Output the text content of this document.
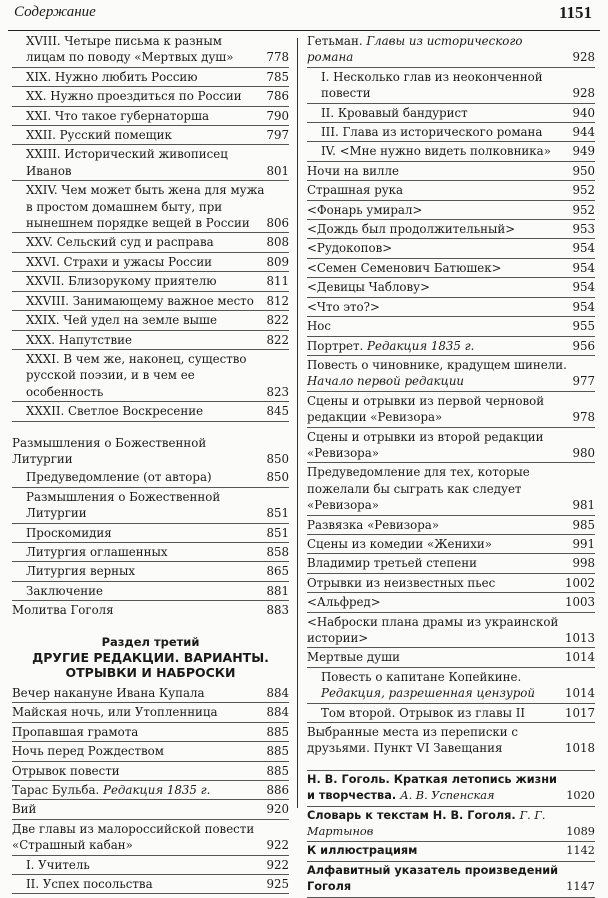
Содержание	1151
XVIII. Четыре письма к разным лицам по поводу «Мертвых душ»	778
XIX. Нужно любить Россию	785
XX. Нужно проездиться по России	786
XXI. Что такое губернаторша	790
XXII. Русский помещик	797
XXIII. Исторический живописец Иванов	801
XXIV. Чем может быть жена для мужа в простом домашнем быту, при нынешнем порядке вещей в России	806
XXV. Сельский суд и расправа	808
XXVI. Страхи и ужасы России	809
XXVII. Близорукому приятелю	811
XXVIII. Занимающему важное место	812
XXIX. Чей удел на земле выше	822
XXX. Напутствие	822
XXXI. В чем же, наконец, существо русской поэзии, и в чем ее особенность	823
XXXII. Светлое Воскресение	845
Размышления о Божественной Литургии	850
Предуведомление (от автора)	850
Размышления о Божественной Литургии	851
Проскомидия	851
Литургия оглашенных	858
Литургия верных	865
Заключение	881
Молитва Гоголя	883
Раздел третий
ДРУГИЕ РЕДАКЦИИ. ВАРИАНТЫ. ОТРЫВКИ И НАБРОСКИ
Вечер накануне Ивана Купала	884
Майская ночь, или Утопленница	884
Пропавшая грамота	885
Ночь перед Рождеством	885
Отрывок повести	885
Тарас Бульба. Редакция 1835 г.	886
Вий	920
Две главы из малороссийской повести «Страшный кабан»	922
I. Учитель	922
II. Успех посольства	925
Гетьман. Главы из исторического романа	928
I. Несколько глав из неоконченной повести	928
II. Кровавый бандурист	940
III. Глава из исторического романа	944
IV. <Мне нужно видеть полковника»	949
Ночи на вилле	950
Страшная рука	952
<Фонарь умирал>	952
<Дождь был продолжительный>	953
<Рудокопов>	954
<Семен Семенович Батюшек>	954
<Девицы Чаблову>	954
<Что это?>	954
Нос	955
Портрет. Редакция 1835 г.	956
Повесть о чиновнике, крадущем шинели. Начало первой редакции	977
Сцены и отрывки из первой черновой редакции «Ревизора»	978
Сцены и отрывки из второй редакции «Ревизора»	980
Предуведомление для тех, которые пожелали бы сыграть как следует «Ревизора»	981
Развязка «Ревизора»	985
Сцены из комедии «Женихи»	991
Владимир третьей степени	998
Отрывки из неизвестных пьес	1002
<Альфред>	1003
<Наброски плана драмы из украинской истории>	1013
Мертвые души	1014
Повесть о капитане Копейкине. Редакция, разрешенная цензурой	1014
Том второй. Отрывок из главы II	1017
Выбранные места из переписки с друзьями. Пункт VI Завещания	1018
Н. В. Гоголь. Краткая летопись жизни и творчества. А. В. Успенская	1020
Словарь к текстам Н. В. Гоголя. Г. Г. Мартынов	1089
К иллюстрациям	1142
Алфавитный указатель произведений Гоголя	1147
